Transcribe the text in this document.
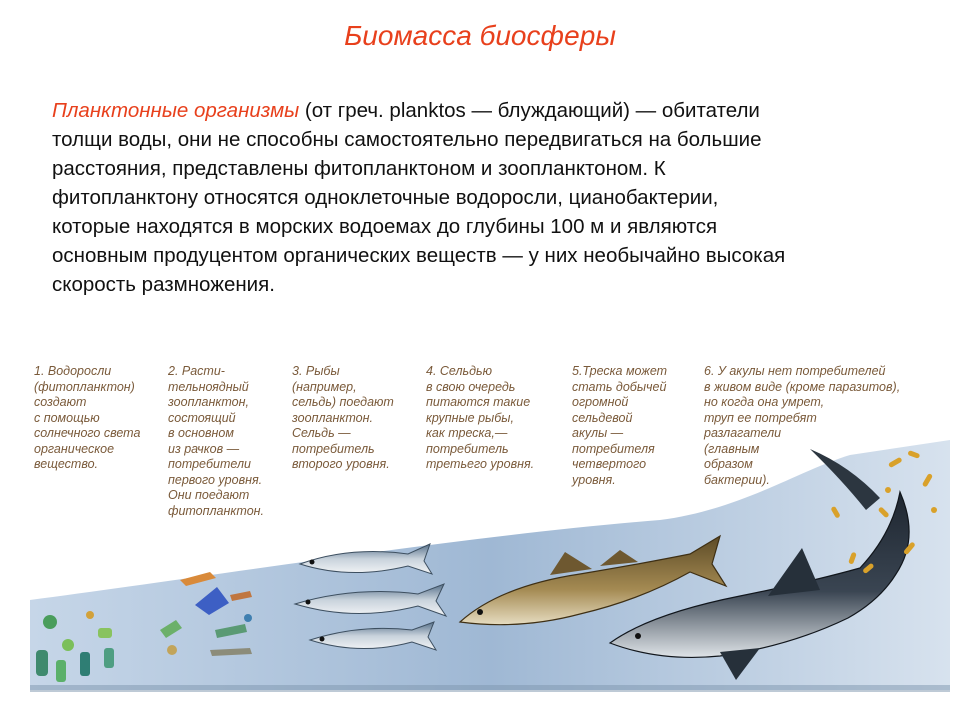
Биомасса биосферы
Планктонные организмы (от греч. planktos — блуждающий) — обитатели
толщи воды, они не способны самостоятельно передвигаться на большие
расстояния, представлены фитопланктоном и зоопланктоном. К
фитопланктону относятся одноклеточные водоросли, цианобактерии,
которые находятся в морских водоемах до глубины 100 м и являются
основным продуцентом органических веществ — у них необычайно высокая
скорость размножения.
1. Водоросли
(фитопланктон)
создают
с помощью
солнечного света
органическое
вещество.
2. Расти-
тельноядный
зоопланктон,
состоящий
в основном
из рачков —
потребители
первого уровня.
Они поедают
фитопланктон.
3. Рыбы
(например,
сельдь) поедают
зоопланктон.
Сельдь —
потребитель
второго уровня.
4. Сельдью
в свою очередь
питаются такие
крупные рыбы,
как треска,—
потребитель
третьего уровня.
5.Треска может
стать добычей
огромной
сельдевой
акулы —
потребителя
четвертого
уровня.
6. У акулы нет потребителей
в живом виде (кроме паразитов),
но когда она умрет,
труп ее потребят
разлагатели
(главным
образом
бактерии).
